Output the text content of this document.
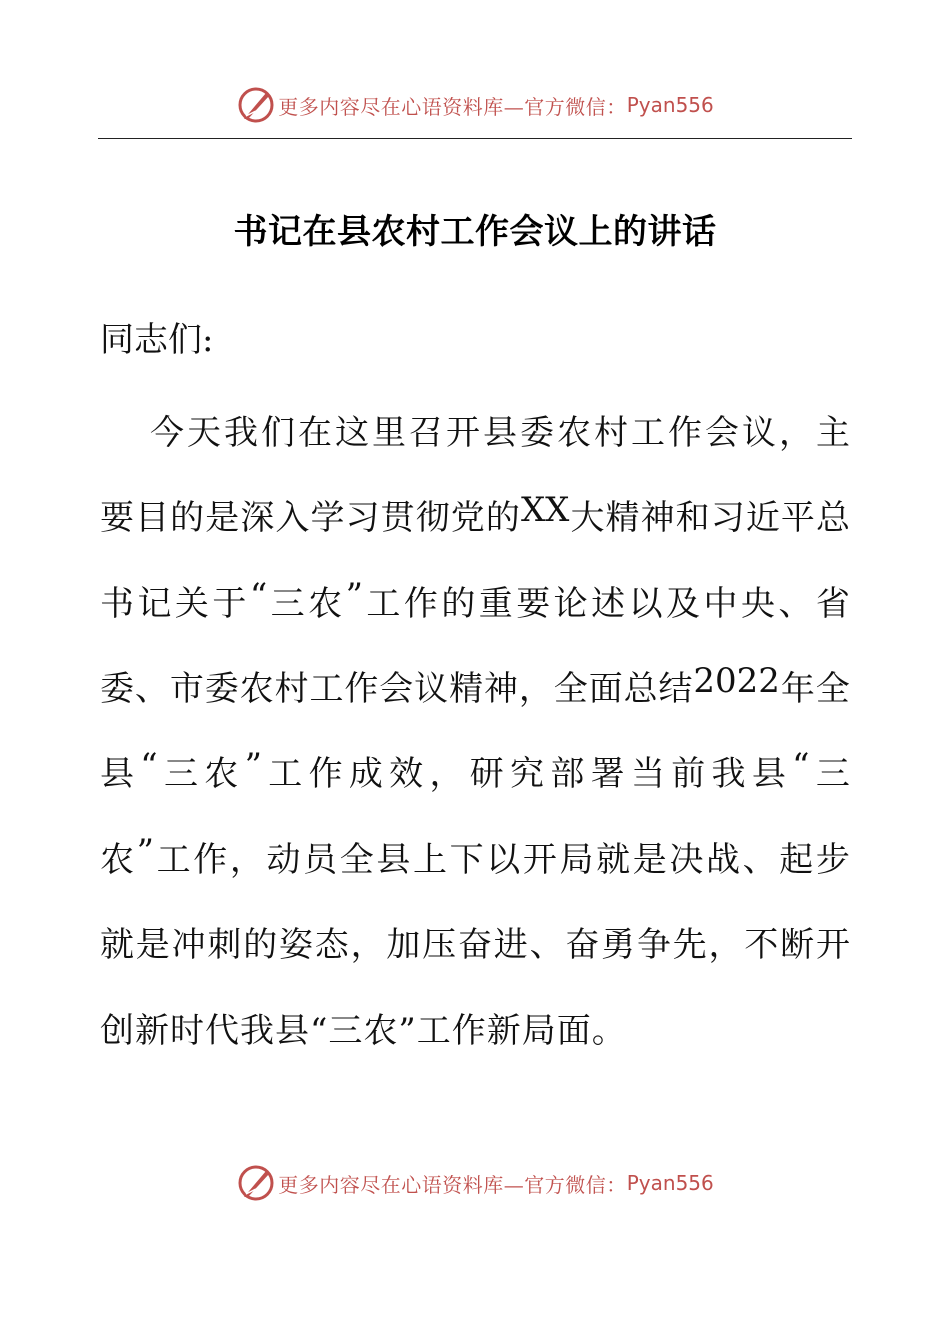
更多内容尽在心语资料库—官方微信： Pyan556
书记在县农村工作会议上的讲话
同志们:
今 天 我 们 在 这 里 召 开 县 委 农 村 工 作 会 议 ， 主
要 目 的 是 深 入 学 习 贯 彻 党 的 XX 大 精 神 和 习 近 平 总
书 记 关 于 “ 三 农 ” 工 作 的 重 要 论 述 以 及 中 央 、 省
委 、 市 委 农 村 工 作 会 议 精 神 ， 全 面 总 结 2022 年 全
县 “ 三 农 ” 工 作 成 效 ， 研 究 部 署 当 前 我 县 “ 三
农 ” 工 作 ， 动 员 全 县 上 下 以 开 局 就 是 决 战 、 起 步
就 是 冲 刺 的 姿 态 ， 加 压 奋 进 、 奋 勇 争 先 ， 不 断 开
创新时代我县“三农”工作新局面。
更多内容尽在心语资料库—官方微信： Pyan556
